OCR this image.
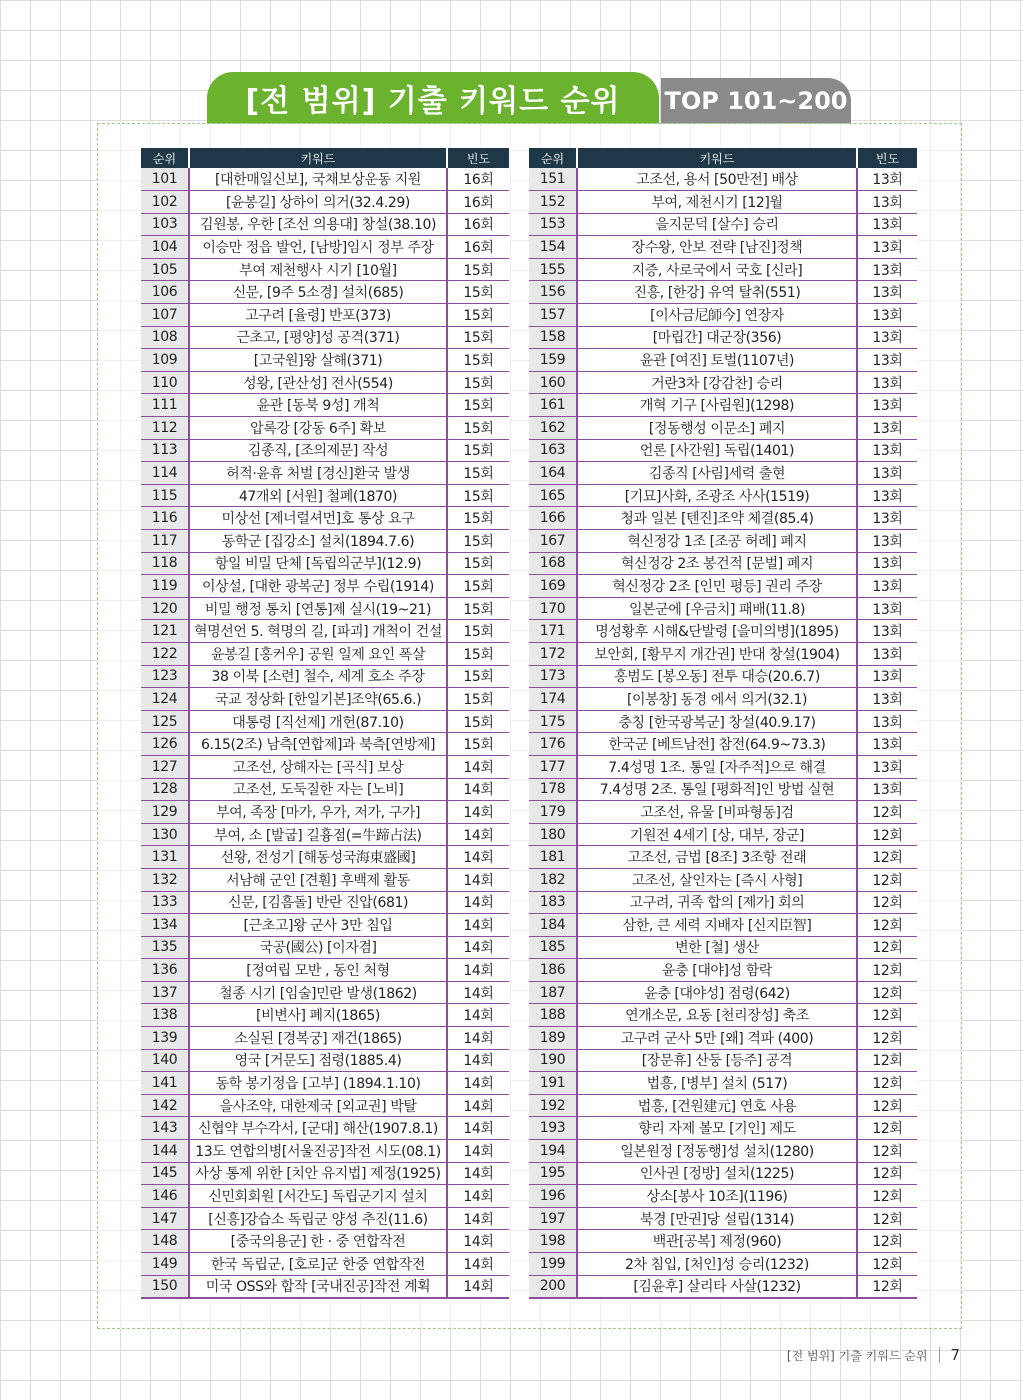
[전 범위] 기출 키워드 순위	TOP 101~200
순위	키워드	빈도
101	[대한매일신보], 국채보상운동 지원	16회
102	[윤봉길] 상하이 의거(32.4.29)	16회
103	김원봉, 우한 [조선 의용대] 창설(38.10)	16회
104	이승만 정읍 발언, [남방]임시 정부 주장	16회
105	부여 제천행사 시기 [10월]	15회
106	신문, [9주 5소경] 설치(685)	15회
107	고구려 [율령] 반포(373)	15회
108	근초고, [평양]성 공격(371)	15회
109	[고국원]왕 살해(371)	15회
110	성왕, [관산성] 전사(554)	15회
111	윤관 [동북 9성] 개척	15회
112	압록강 [강동 6주] 확보	15회
113	김종직, [조의제문] 작성	15회
114	허적·윤휴 처벌 [경신]환국 발생	15회
115	47개외 [서원] 철폐(1870)	15회
116	미상선 [제너럴셔먼]호 통상 요구	15회
117	동학군 [집강소] 설치(1894.7.6)	15회
118	항일 비밀 단체 [독립의군부](12.9)	15회
119	이상설, [대한 광복군] 정부 수립(1914)	15회
120	비밀 행정 통치 [연통]제 실시(19~21)	15회
121	혁명선언 5. 혁명의 길, [파괴] 개척이 건설	15회
122	윤봉길 [홍커우] 공원 일제 요인 폭살	15회
123	38 이북 [소련] 철수, 세계 호소 주장	15회
124	국교 정상화 [한일기본]조약(65.6.)	15회
125	대통령 [직선제] 개헌(87.10)	15회
126	6.15(2조) 남측[연합제]과 북측[연방제]	15회
127	고조선, 상해자는 [곡식] 보상	14회
128	고조선, 도둑질한 자는 [노비]	14회
129	부여, 족장 [마가, 우가, 저가, 구가]	14회
130	부여, 소 [발굽] 길흉점(=牛蹄占法)	14회
131	선왕, 전성기 [해동성국海東盛國]	14회
132	서남해 군인 [견훤] 후백제 활동	14회
133	신문, [김흠돌] 반란 진압(681)	14회
134	[근초고]왕 군사 3만 침입	14회
135	국공(國公) [이자겸]	14회
136	[정여립 모반 , 동인 처형	14회
137	철종 시기 [임술]민란 발생(1862)	14회
138	[비변사] 폐지(1865)	14회
139	소실된 [경복궁] 재건(1865)	14회
140	영국 [거문도] 점령(1885.4)	14회
141	동학 봉기정읍 [고부] (1894.1.10)	14회
142	을사조약, 대한제국 [외교권] 박탈	14회
143	신협약 부수각서, [군대] 해산(1907.8.1)	14회
144	13도 연합의병[서울진공]작전 시도(08.1)	14회
145	사상 통제 위한 [치안 유지법] 제정(1925)	14회
146	신민회회원 [서간도] 독립군기지 설치	14회
147	[신흥]강습소 독립군 양성 추진(11.6)	14회
148	[중국의용군] 한 · 중 연합작전	14회
149	한국 독립군, [호로]군 한중 연합작전	14회
150	미국 OSS와 합작 [국내진공]작전 계획	14회
순위	키워드	빈도
151	고조선, 용서 [50만전] 배상	13회
152	부여, 제천시기 [12]월	13회
153	을지문덕 [살수] 승리	13회
154	장수왕, 안보 전략 [남진]정책	13회
155	지증, 사로국에서 국호 [신라]	13회
156	진흥, [한강] 유역 탈취(551)	13회
157	[이사금尼師今] 연장자	13회
158	[마립간] 대군장(356)	13회
159	윤관 [여진] 토벌(1107년)	13회
160	거란3차 [강감찬] 승리	13회
161	개혁 기구 [사림원](1298)	13회
162	[정동행성 이문소] 폐지	13회
163	언론 [사간원] 독립(1401)	13회
164	김종직 [사림]세력 출현	13회
165	[기묘]사화, 조광조 사사(1519)	13회
166	청과 일본 [텐진]조약 체결(85.4)	13회
167	혁신정강 1조 [조공 허례] 폐지	13회
168	혁신정강 2조 봉건적 [문벌] 폐지	13회
169	혁신정강 2조 [인민 평등] 권리 주장	13회
170	일본군에 [우금치] 패배(11.8)	13회
171	명성황후 시해&단발령 [을미의병](1895)	13회
172	보안회, [황무지 개간권] 반대 창설(1904)	13회
173	홍범도 [봉오동] 전투 대승(20.6.7)	13회
174	[이봉창] 동경 에서 의거(32.1)	13회
175	충칭 [한국광복군] 창설(40.9.17)	13회
176	한국군 [베트남전] 참전(64.9~73.3)	13회
177	7.4성명 1조. 통일 [자주적]으로 해결	13회
178	7.4성명 2조. 통일 [평화적]인 방법 실현	13회
179	고조선, 유물 [비파형동]검	12회
180	기원전 4세기 [상, 대부, 장군]	12회
181	고조선, 금법 [8조] 3조항 전래	12회
182	고조선, 살인자는 [즉시 사형]	12회
183	고구려, 귀족 합의 [제가] 회의	12회
184	삼한, 큰 세력 지배자 [신지臣智]	12회
185	변한 [철] 생산	12회
186	윤충 [대야]성 함락	12회
187	윤충 [대야성] 점령(642)	12회
188	연개소문, 요동 [천리장성] 축조	12회
189	고구려 군사 5만 [왜] 격파 (400)	12회
190	[장문휴] 산둥 [등주] 공격	12회
191	법흥, [병부] 설치 (517)	12회
192	법흥, [건원建元] 연호 사용	12회
193	향리 자제 볼모 [기인] 제도	12회
194	일본원정 [정동행]성 설치(1280)	12회
195	인사권 [정방] 설치(1225)	12회
196	상소[봉사 10조](1196)	12회
197	북경 [만권]당 설립(1314)	12회
198	백관[공복] 제정(960)	12회
199	2차 침입, [처인]성 승리(1232)	12회
200	[김윤후] 살리타 사살(1232)	12회
[전 범위] 기출 키워드 순위 7
